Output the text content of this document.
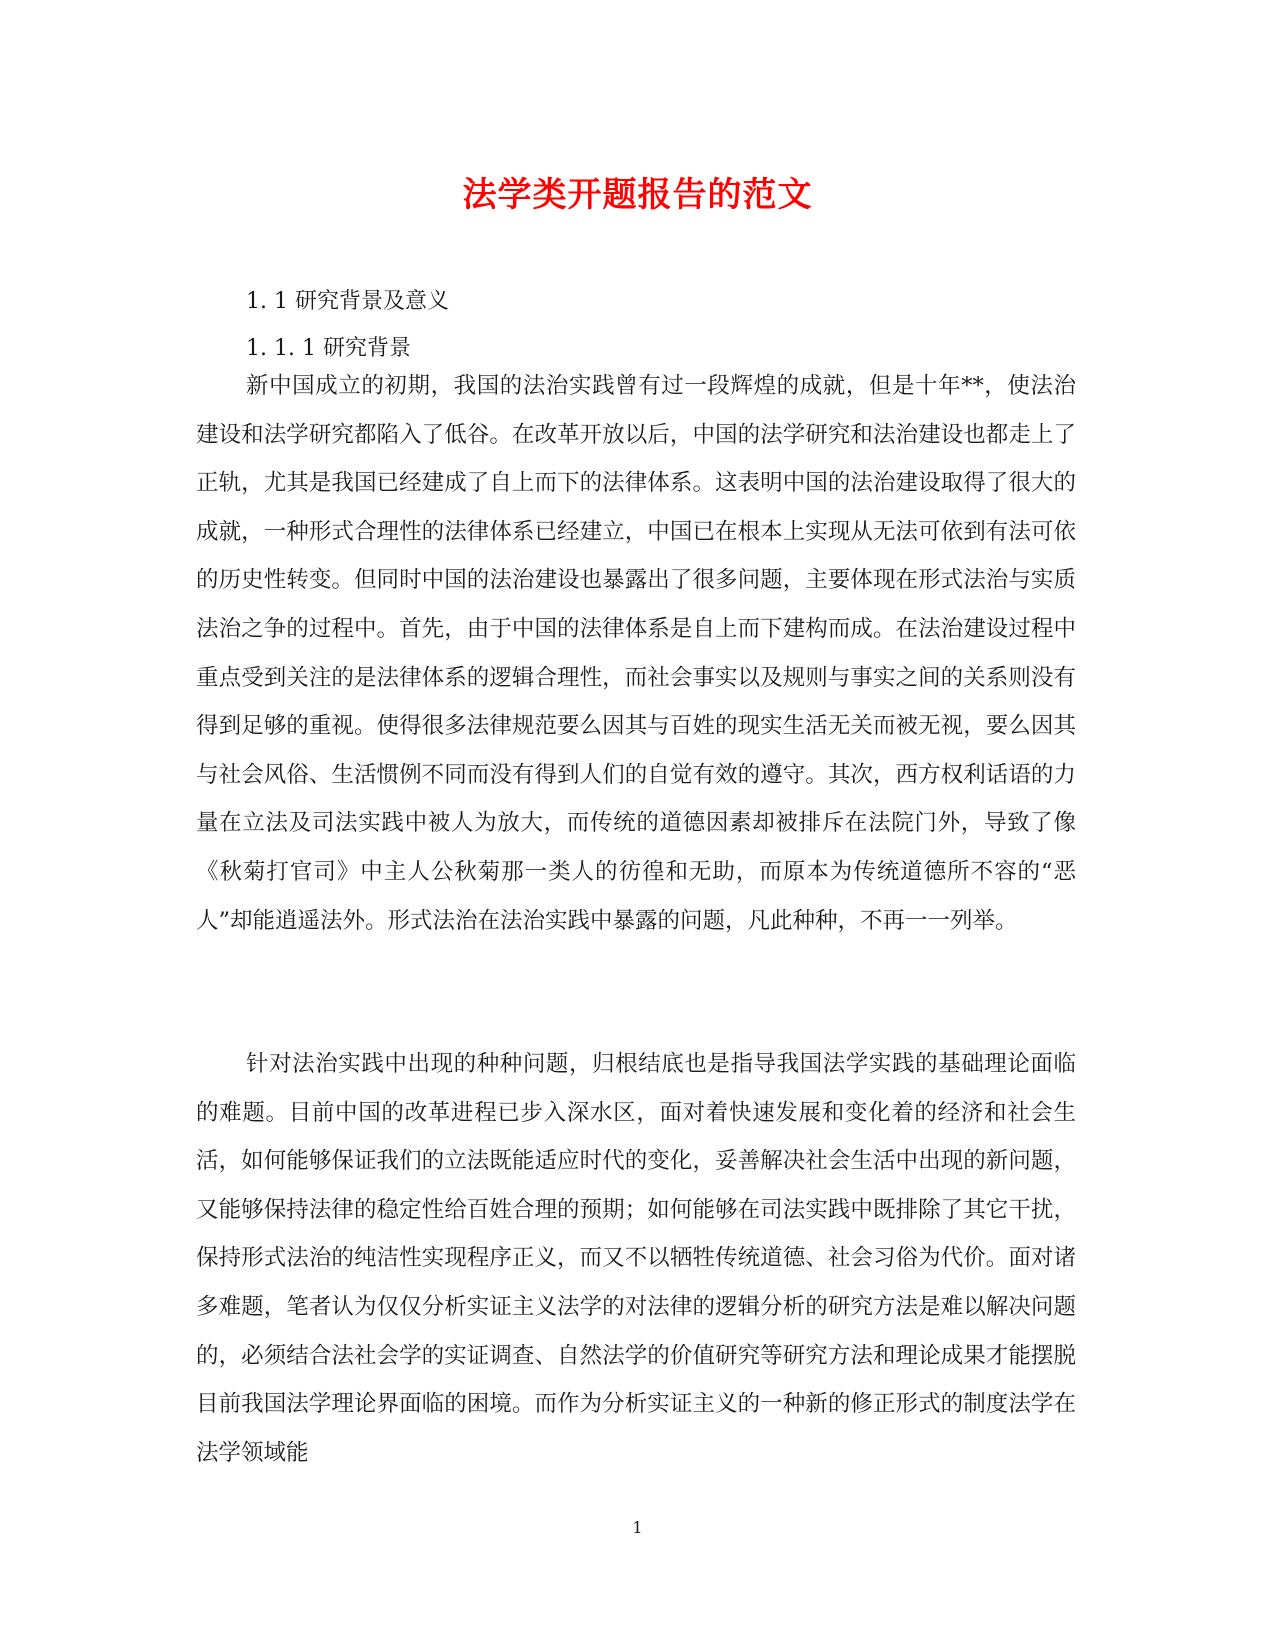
法学类开题报告的范文
1. 1 研究背景及意义
1. 1. 1 研究背景

新中国成立的初期，我国的法治实践曾有过一段辉煌的成就，但是十年**，使法治建设和法学研究都陷入了低谷。在改革开放以后，中国的法学研究和法治建设也都走上了正轨，尤其是我国已经建成了自上而下的法律体系。这表明中国的法治建设取得了很大的成就，一种形式合理性的法律体系已经建立，中国已在根本上实现从无法可依到有法可依的历史性转变。但同时中国的法治建设也暴露出了很多问题，主要体现在形式法治与实质法治之争的过程中。首先，由于中国的法律体系是自上而下建构而成。在法治建设过程中重点受到关注的是法律体系的逻辑合理性，而社会事实以及规则与事实之间的关系则没有得到足够的重视。使得很多法律规范要么因其与百姓的现实生活无关而被无视，要么因其与社会风俗、生活惯例不同而没有得到人们的自觉有效的遵守。其次，西方权利话语的力量在立法及司法实践中被人为放大，而传统的道德因素却被排斥在法院门外，导致了像《秋菊打官司》中主人公秋菊那一类人的彷徨和无助，而原本为传统道德所不容的“恶人”却能逍遥法外。形式法治在法治实践中暴露的问题，凡此种种，不再一一列举。

针对法治实践中出现的种种问题，归根结底也是指导我国法学实践的基础理论面临的难题。目前中国的改革进程已步入深水区，面对着快速发展和变化着的经济和社会生活，如何能够保证我们的立法既能适应时代的变化，妥善解决社会生活中出现的新问题，又能够保持法律的稳定性给百姓合理的预期；如何能够在司法实践中既排除了其它干扰，保持形式法治的纯洁性实现程序正义，而又不以牺牲传统道德、社会习俗为代价。面对诸多难题，笔者认为仅仅分析实证主义法学的对法律的逻辑分析的研究方法是难以解决问题的，必须结合法社会学的实证调查、自然法学的价值研究等研究方法和理论成果才能摆脱目前我国法学理论界面临的困境。而作为分析实证主义的一种新的修正形式的制度法学在法学领域能

1
